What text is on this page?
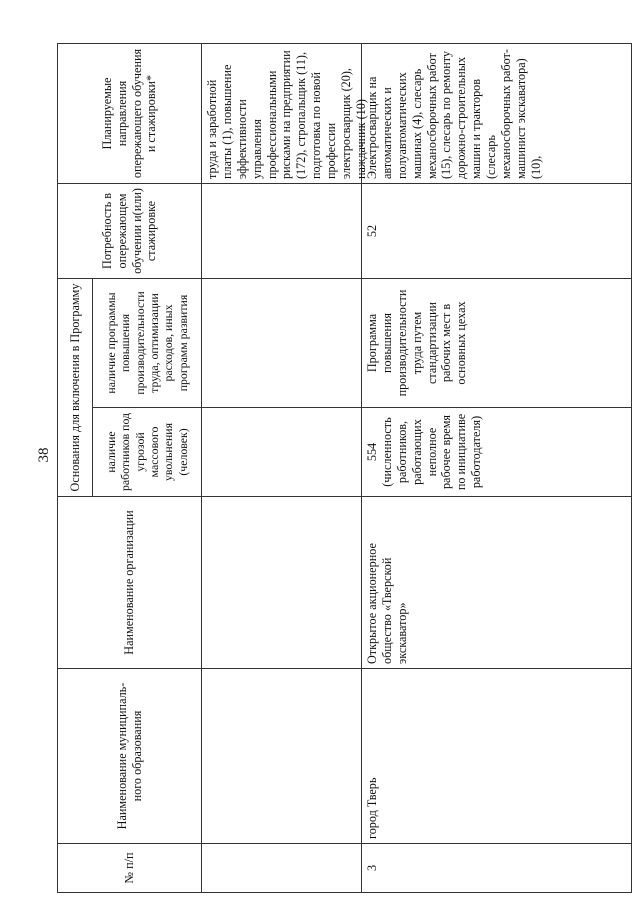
38
№ п/п
Наименование муниципаль-ного образования
Наименование организации
Основания для включения в Программу	наличие работников под угрозой массового увольнения (человек)
наличие программы повышения производительности труда, оптимизации расходов, иных программ развития
Потребность в опережающем обучении и(или) стажировке
Планируемые направления опережающего обучения и стажировки*	труда и заработной платы (1), повышение эффективности управления профессиональными рисками на предприятии (172), стропальщик (11), подготовка по новой профессии электросварщик (20), наждачник (10)
3
город Тверь
Открытое акционерное общество «Тверской экскаватор»
554 (численность работников, работающих неполное рабочее время по инициативе работодателя)
Программа повышения производительности труда путем стандартизации рабочих мест в основных цехах
52
Электросварщик на автоматических и полуавтоматических машинах (4), слесарь механосборочных работ (15), слесарь по ремонту дорожно-строительных машин и тракторов (слесарь механосборочных работ-машинист экскаватора) (10),
